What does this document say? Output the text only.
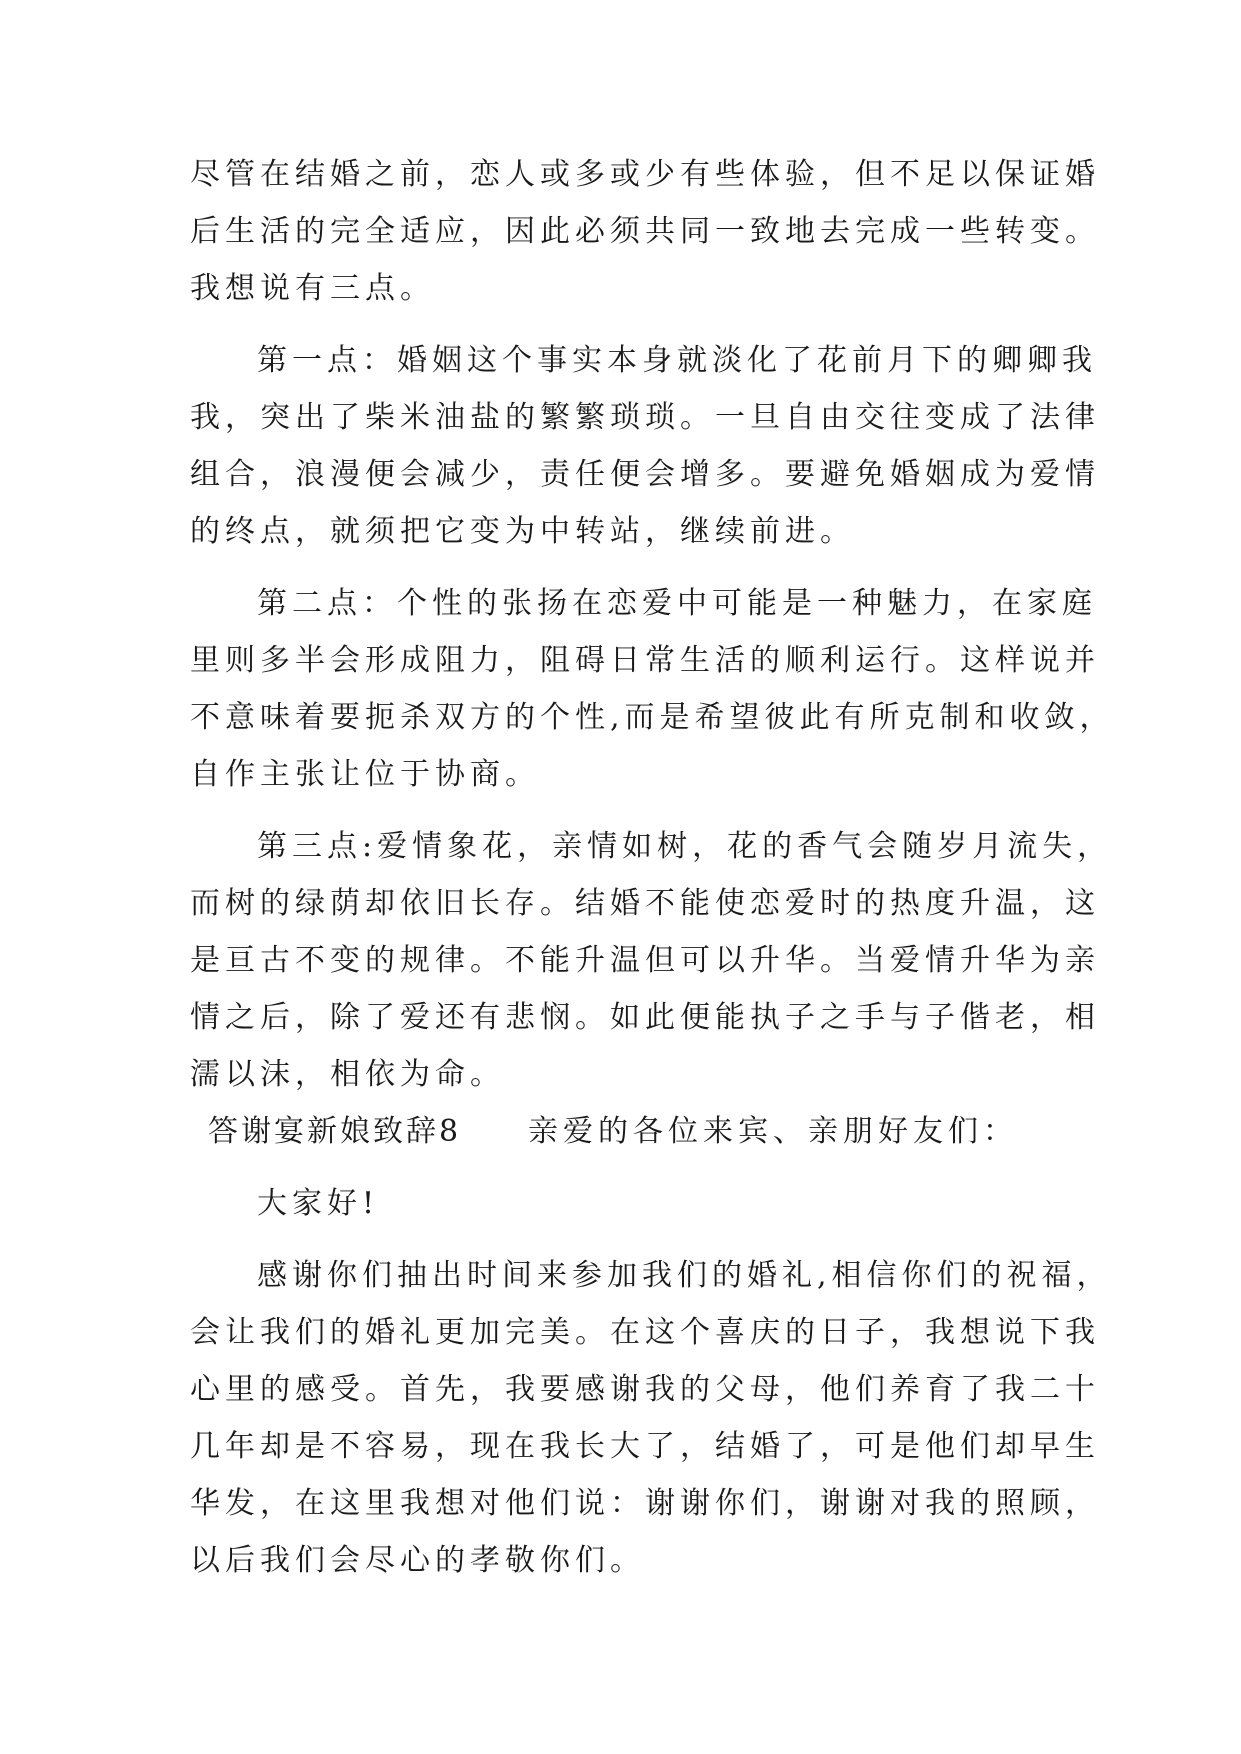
尽管在结婚之前，恋人或多或少有些体验，但不足以保证婚
后生活的完全适应，因此必须共同一致地去完成一些转变。
我想说有三点。
第一点：婚姻这个事实本身就淡化了花前月下的卿卿我
我，突出了柴米油盐的繁繁琐琐。一旦自由交往变成了法律
组合，浪漫便会减少，责任便会增多。要避免婚姻成为爱情
的终点，就须把它变为中转站，继续前进。
第二点：个性的张扬在恋爱中可能是一种魅力，在家庭
里则多半会形成阻力，阻碍日常生活的顺利运行。这样说并
不意味着要扼杀双方的个性,而是希望彼此有所克制和收敛，
自作主张让位于协商。
第三点:爱情象花，亲情如树，花的香气会随岁月流失，
而树的绿荫却依旧长存。结婚不能使恋爱时的热度升温，这
是亘古不变的规律。不能升温但可以升华。当爱情升华为亲
情之后，除了爱还有悲悯。如此便能执子之手与子偕老，相
濡以沫，相依为命。
答谢宴新娘致辞8 亲爱的各位来宾、亲朋好友们：
大家好!
感谢你们抽出时间来参加我们的婚礼,相信你们的祝福，
会让我们的婚礼更加完美。在这个喜庆的日子，我想说下我
心里的感受。首先，我要感谢我的父母，他们养育了我二十
几年却是不容易，现在我长大了，结婚了，可是他们却早生
华发，在这里我想对他们说：谢谢你们，谢谢对我的照顾，
以后我们会尽心的孝敬你们。
